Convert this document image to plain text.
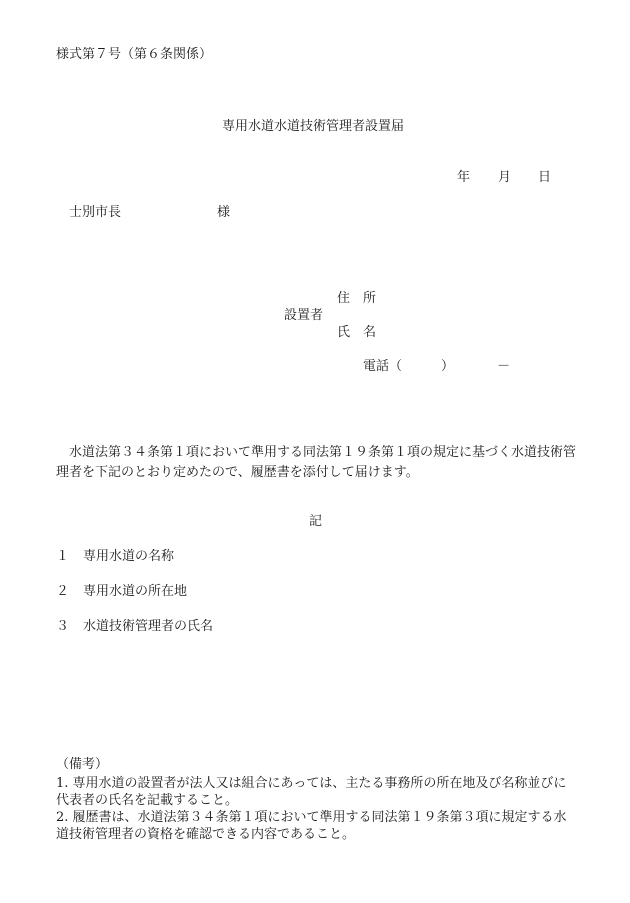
様式第７号（第６条関係）
専用水道水道技術管理者設置届
年 月 日
士別市長	様
住　所
設置者
氏　名
電話（	）	－
水道法第３４条第１項において準用する同法第１９条第１項の規定に基づく水道技術管理者を下記のとおり定めたので、履歴書を添付して届けます。
記
１ 専用水道の名称
２ 専用水道の所在地
３ 水道技術管理者の氏名
（備考）
1. 専用水道の設置者が法人又は組合にあっては、主たる事務所の所在地及び名称並びに代表者の氏名を記載すること。
2. 履歴書は、水道法第３４条第１項において準用する同法第１９条第３項に規定する水道技術管理者の資格を確認できる内容であること。
